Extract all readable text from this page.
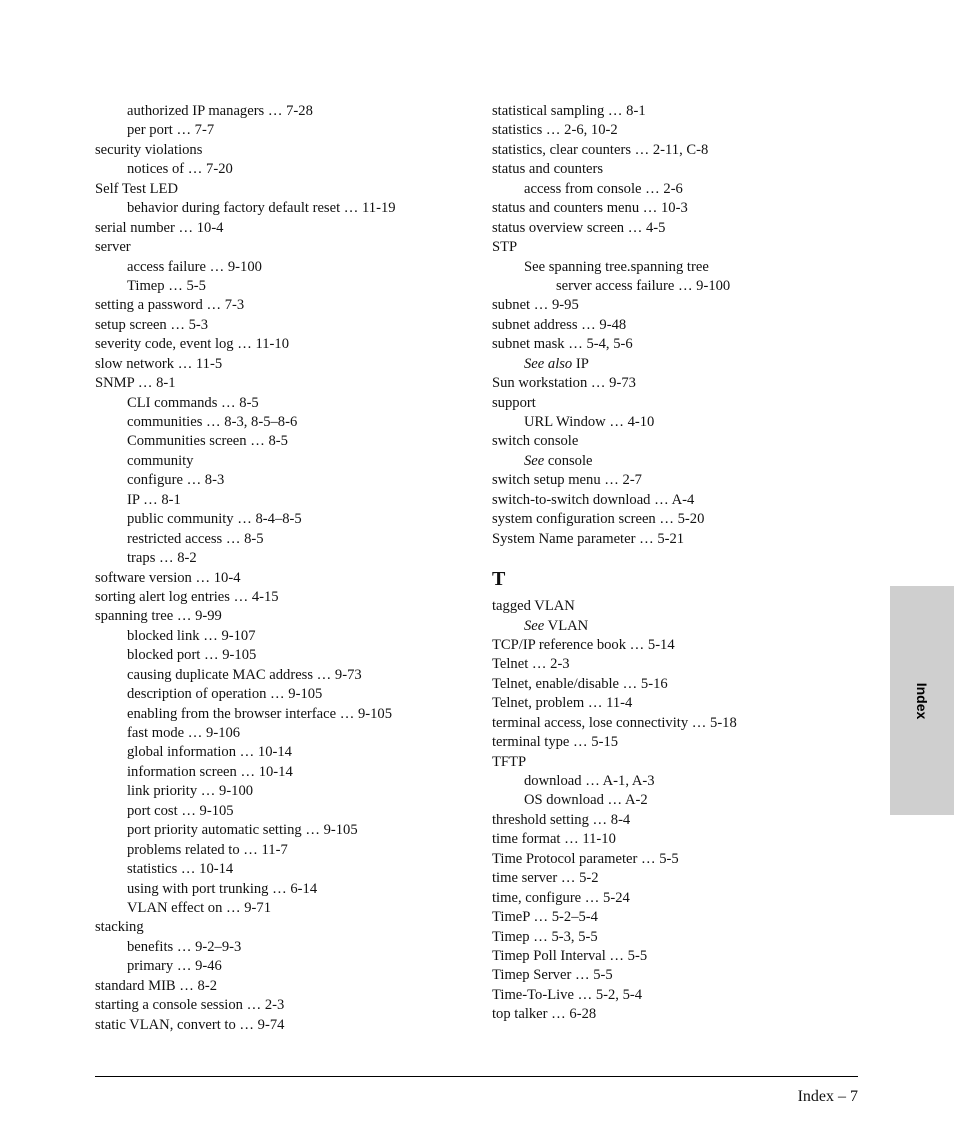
authorized IP managers … 7-28
per port … 7-7
security violations
notices of … 7-20
Self Test LED
behavior during factory default reset … 11-19
serial number … 10-4
server
access failure … 9-100
Timep … 5-5
setting a password … 7-3
setup screen … 5-3
severity code, event log … 11-10
slow network … 11-5
SNMP … 8-1
CLI commands … 8-5
communities … 8-3, 8-5–8-6
Communities screen … 8-5
community
configure … 8-3
IP … 8-1
public community … 8-4–8-5
restricted access … 8-5
traps … 8-2
software version … 10-4
sorting alert log entries … 4-15
spanning tree … 9-99
blocked link … 9-107
blocked port … 9-105
causing duplicate MAC address … 9-73
description of operation … 9-105
enabling from the browser interface … 9-105
fast mode … 9-106
global information … 10-14
information screen … 10-14
link priority … 9-100
port cost … 9-105
port priority automatic setting … 9-105
problems related to … 11-7
statistics … 10-14
using with port trunking … 6-14
VLAN effect on … 9-71
stacking
benefits … 9-2–9-3
primary … 9-46
standard MIB … 8-2
starting a console session … 2-3
static VLAN, convert to … 9-74
statistical sampling … 8-1
statistics … 2-6, 10-2
statistics, clear counters … 2-11, C-8
status and counters
access from console … 2-6
status and counters menu … 10-3
status overview screen … 4-5
STP
See spanning tree.spanning tree
server access failure … 9-100
subnet … 9-95
subnet address … 9-48
subnet mask … 5-4, 5-6
See also IP
Sun workstation … 9-73
support
URL Window … 4-10
switch console
See console
switch setup menu … 2-7
switch-to-switch download … A-4
system configuration screen … 5-20
System Name parameter … 5-21
T
tagged VLAN
See VLAN
TCP/IP reference book … 5-14
Telnet … 2-3
Telnet, enable/disable … 5-16
Telnet, problem … 11-4
terminal access, lose connectivity … 5-18
terminal type … 5-15
TFTP
download … A-1, A-3
OS download … A-2
threshold setting … 8-4
time format … 11-10
Time Protocol parameter … 5-5
time server … 5-2
time, configure … 5-24
TimeP … 5-2–5-4
Timep … 5-3, 5-5
Timep Poll Interval … 5-5
Timep Server … 5-5
Time-To-Live … 5-2, 5-4
top talker … 6-28
Index
Index – 7
